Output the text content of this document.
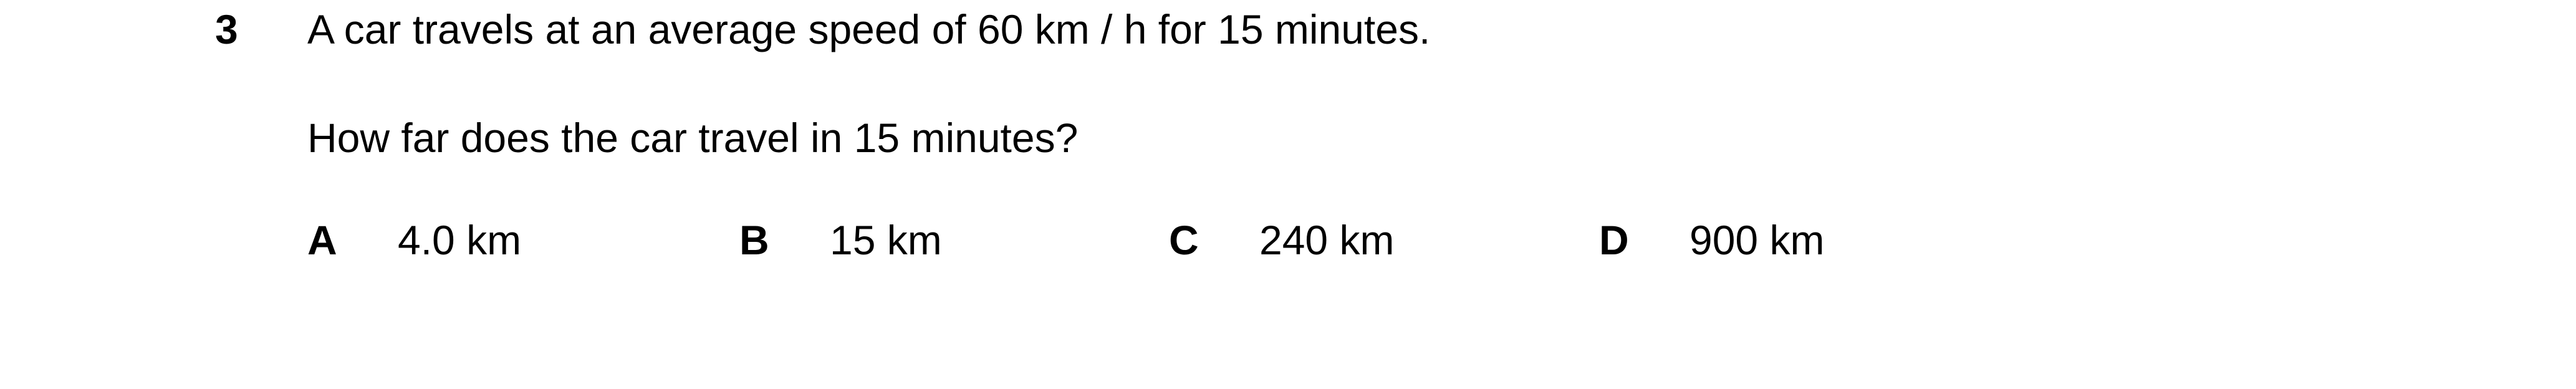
3 A car travels at an average speed of 60 km / h for 15 minutes.
How far does the car travel in 15 minutes?
A 4.0 km	B 15 km	C 240 km	D 900 km
